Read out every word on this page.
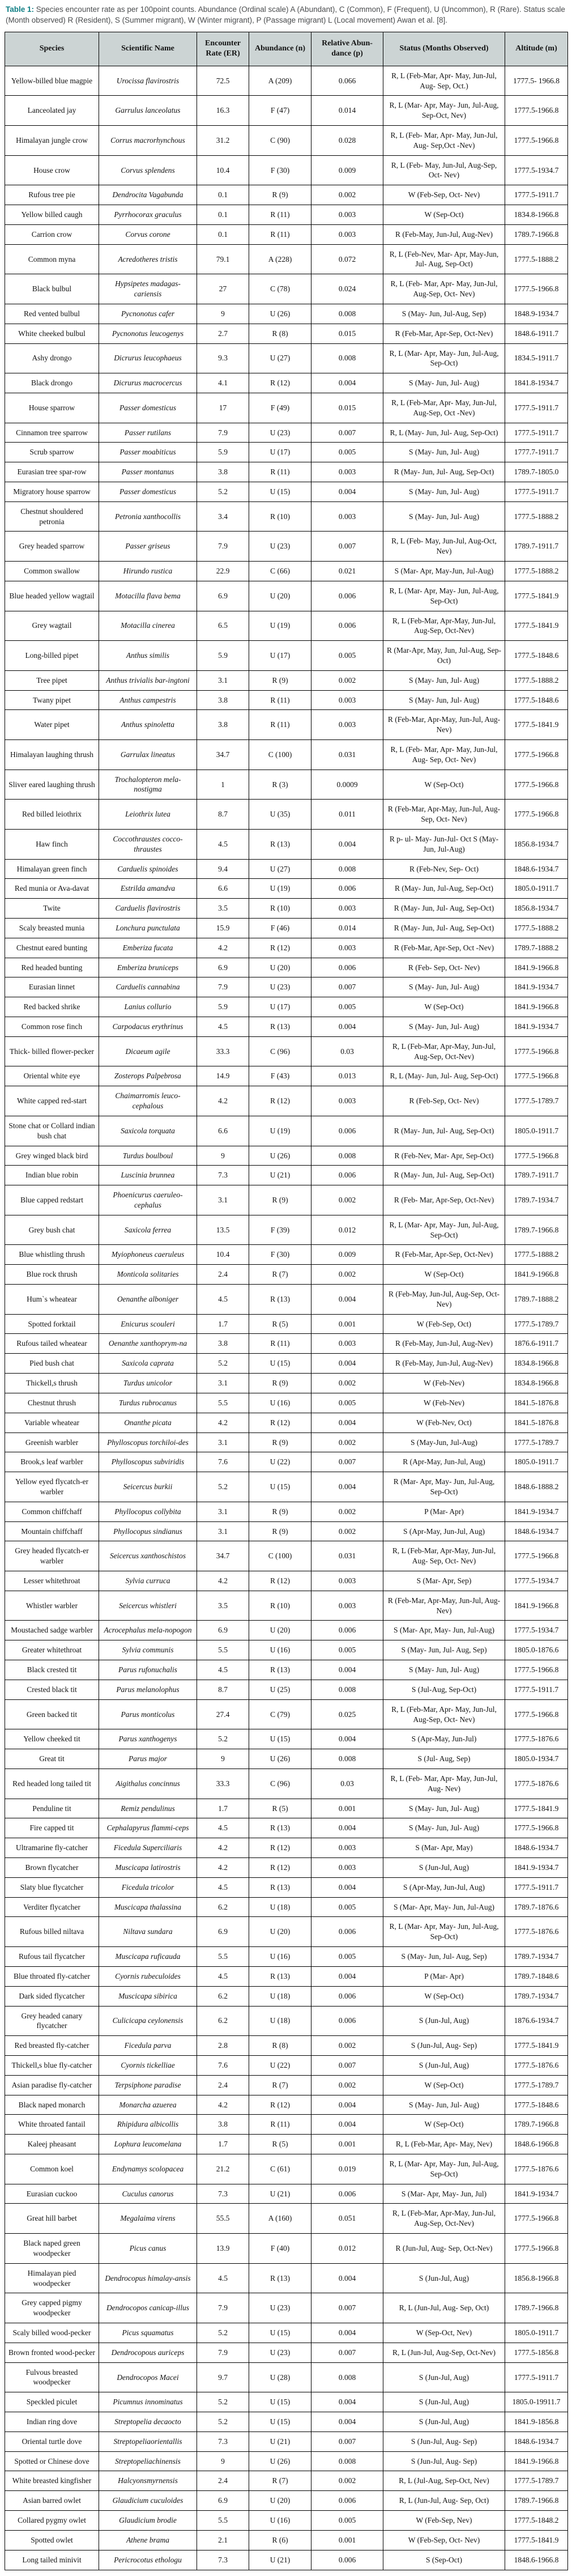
Table 1: Species encounter rate as per 100point counts. Abundance (Ordinal scale) A (Abundant), C (Common), F (Frequent), U (Uncommon), R (Rare). Status scale (Month observed) R (Resident), S (Summer migrant), W (Winter migrant), P (Passage migrant) L (Local movement) Awan et al. [8].

Species	Scientific Name	Encounter Rate (ER)	Abundance (n)	Relative Abun-dance (p)	Status (Months Observed)	Altitude (m)
Yellow-billed blue magpie	Urocissa flavirostris	72.5	A (209)	0.066	R, L (Feb-Mar, Apr- May, Jun-Jul, Aug- Sep, Oct.)	1777.5- 1966.8
Lanceolated jay	Garrulus lanceolatus	16.3	F (47)	0.014	R, L (Mar- Apr, May- Jun, Jul-Aug, Sep-Oct, Nev)	1777.5-1966.8
Himalayan jungle crow	Corrus macrorhynchous	31.2	C (90)	0.028	R, L (Feb- Mar, Apr- May, Jun-Jul, Aug- Sep,Oct -Nev)	1777.5-1966.8
House crow	Corvus splendens	10.4	F (30)	0.009	R, L (Feb- May, Jun-Jul, Aug-Sep, Oct- Nev)	1777.5-1934.7
Rufous tree pie	Dendrocita Vagabunda	0.1	R (9)	0.002	W (Feb-Sep, Oct- Nev)	1777.5-1911.7
Yellow billed caugh	Pyrrhocorax graculus	0.1	R (11)	0.003	W (Sep-Oct)	1834.8-1966.8
Carrion crow	Corvus corone	0.1	R (11)	0.003	R (Feb-May, Jun-Jul, Aug-Nev)	1789.7-1966.8
Common myna	Acredotheres tristis	79.1	A (228)	0.072	R, L (Feb-Nev, Mar- Apr, May-Jun, Jul- Aug, Sep-Oct)	1777.5-1888.2
Black bulbul	Hypsipetes madagas-cariensis	27	C (78)	0.024	R, L (Feb- Mar, Apr- May, Jun-Jul, Aug-Sep, Oct- Nev)	1777.5-1966.8
Red vented bulbul	Pycnonotus cafer	9	U (26)	0.008	S (May- Jun, Jul-Aug, Sep)	1848.9-1934.7
White cheeked bulbul	Pycnonotus leucogenys	2.7	R (8)	0.015	R (Feb-Mar, Apr-Sep, Oct-Nev)	1848.6-1911.7
Ashy drongo	Dicrurus leucophaeus	9.3	U (27)	0.008	R, L (Mar- Apr, May- Jun, Jul-Aug, Sep-Oct)	1834.5-1911.7
Black drongo	Dicrurus macrocercus	4.1	R (12)	0.004	S (May- Jun, Jul- Aug)	1841.8-1934.7
House sparrow	Passer domesticus	17	F (49)	0.015	R, L (Feb-Mar, Apr- May, Jun-Jul, Aug-Sep, Oct -Nev)	1777.5-1911.7
Cinnamon tree sparrow	Passer rutilans	7.9	U (23)	0.007	R, L (May- Jun, Jul- Aug, Sep-Oct)	1777.5-1911.7
Scrub sparrow	Passer moabiticus	5.9	U (17)	0.005	S (May- Jun, Jul- Aug)	1777.7-1911.7
Eurasian tree spar-row	Passer montanus	3.8	R (11)	0.003	R (May- Jun, Jul- Aug, Sep-Oct)	1789.7-1805.0
Migratory house sparrow	Passer domesticus	5.2	U (15)	0.004	S (May- Jun, Jul- Aug)	1777.5-1911.7
Chestnut shouldered petronia	Petronia xanthocollis	3.4	R (10)	0.003	S (May- Jun, Jul- Aug)	1777.5-1888.2
Grey headed sparrow	Passer griseus	7.9	U (23)	0.007	R, L (Feb- May, Jun-Jul, Aug-Oct, Nev)	1789.7-1911.7
Common swallow	Hirundo rustica	22.9	C (66)	0.021	S (Mar- Apr, May-Jun, Jul-Aug)	1777.5-1888.2
Blue headed yellow wagtail	Motacilla flava bema	6.9	U (20)	0.006	R, L (Mar- Apr, May- Jun, Jul-Aug, Sep-Oct)	1777.5-1841.9
Grey wagtail	Motacilla cinerea	6.5	U (19)	0.006	R, L (Feb-Mar, Apr-May, Jun-Jul, Aug-Sep, Oct-Nev)	1777.5-1841.9
Long-billed pipet	Anthus similis	5.9	U (17)	0.005	R (Mar-Apr, May, Jun, Jul-Aug, Sep-Oct)	1777.5-1848.6
Tree pipet	Anthus trivialis bar-ingtoni	3.1	R (9)	0.002	S (May- Jun, Jul- Aug)	1777.5-1888.2
Twany pipet	Anthus campestris	3.8	R (11)	0.003	S (May- Jun, Jul- Aug)	1777.5-1848.6
Water pipet	Anthus spinoletta	3.8	R (11)	0.003	R (Feb-Mar, Apr-May, Jun-Jul, Aug- Nev)	1777.5-1841.9
Himalayan laughing thrush	Garrulax lineatus	34.7	C (100)	0.031	R, L (Feb- Mar, Apr- May, Jun-Jul, Aug- Sep, Oct- Nev)	1777.5-1966.8
Sliver eared laughing thrush	Trochalopteron mela-nostigma	1	R (3)	0.0009	W (Sep-Oct)	1777.5-1966.8
Red billed leiothrix	Leiothrix lutea	8.7	U (35)	0.011	R (Feb-Mar, Apr-May, Jun-Jul, Aug-Sep, Oct- Nev)	1777.5-1966.8
Haw finch	Coccothraustes cocco-thraustes	4.5	R (13)	0.004	R p- ul- May- Jun-Jul- Oct S (May- Jun, Jul-Aug)	1856.8-1934.7
Himalayan green finch	Carduelis spinoides	9.4	U (27)	0.008	R (Feb-Nev, Sep- Oct)	1848.6-1934.7
Red munia or Ava-davat	Estrilda amandva	6.6	U (19)	0.006	R (May- Jun, Jul-Aug, Sep-Oct)	1805.0-1911.7
Twite	Carduelis flavirostris	3.5	R (10)	0.003	R (May- Jun, Jul- Aug, Sep-Oct)	1856.8-1934.7
Scaly breasted munia	Lonchura punctulata	15.9	F (46)	0.014	R (May- Jun, Jul- Aug, Sep-Oct)	1777.5-1888.2
Chestnut eared bunting	Emberiza fucata	4.2	R (12)	0.003	R (Feb-Mar, Apr-Sep, Oct -Nev)	1789.7-1888.2
Red headed bunting	Emberiza bruniceps	6.9	U (20)	0.006	R (Feb- Sep, Oct- Nev)	1841.9-1966.8
Eurasian linnet	Carduelis cannabina	7.9	U (23)	0.007	S (May- Jun, Jul- Aug)	1841.9-1934.7
Red backed shrike	Lanius collurio	5.9	U (17)	0.005	W (Sep-Oct)	1841.9-1966.8
Common rose finch	Carpodacus erythrinus	4.5	R (13)	0.004	S (May- Jun, Jul- Aug)	1841.9-1934.7
Thick- billed flower-pecker	Dicaeum agile	33.3	C (96)	0.03	R, L (Feb-Mar, Apr-May, Jun-Jul, Aug-Sep, Oct-Nev)	1777.5-1966.8
Oriental white eye	Zosterops Palpebrosa	14.9	F (43)	0.013	R, L (May- Jun, Jul- Aug, Sep-Oct)	1777.5-1966.8
White capped red-start	Chaimarromis leuco-cephalous	4.2	R (12)	0.003	R (Feb-Sep, Oct- Nev)	1777.5-1789.7
Stone chat or Collard indian bush chat	Saxicola torquata	6.6	U (19)	0.006	R (May- Jun, Jul- Aug, Sep-Oct)	1805.0-1911.7
Grey winged black bird	Turdus boulboul	9	U (26)	0.008	R (Feb-Nev, Mar- Apr, Sep-Oct)	1777.5-1966.8
Indian blue robin	Luscinia brunnea	7.3	U (21)	0.006	R (May- Jun, Jul- Aug, Sep-Oct)	1789.7-1911.7
Blue capped redstart	Phoenicurus caeruleo-cephalus	3.1	R (9)	0.002	R (Feb- Mar, Apr-Sep, Oct-Nev)	1789.7-1934.7
Grey bush chat	Saxicola ferrea	13.5	F (39)	0.012	R, L (Mar- Apr, May- Jun, Jul-Aug, Sep-Oct)	1789.7-1966.8
Blue whistling thrush	Myiophoneus caeruleus	10.4	F (30)	0.009	R (Feb-Mar, Apr-Sep, Oct-Nev)	1777.5-1888.2
Blue rock thrush	Monticola solitaries	2.4	R (7)	0.002	W (Sep-Oct)	1841.9-1966.8
Hum`s wheatear	Oenanthe alboniger	4.5	R (13)	0.004	R (Feb-May, Jun-Jul, Aug-Sep, Oct- Nev)	1789.7-1888.2
Spotted forktail	Enicurus scouleri	1.7	R (5)	0.001	W (Feb-Sep, Oct)	1777.5-1789.7
Rufous tailed wheatear	Oenanthe xanthoprym-na	3.8	R (11)	0.003	R (Feb-May, Jun-Jul, Aug-Nev)	1876.6-1911.7
Pied bush chat	Saxicola caprata	5.2	U (15)	0.004	R (Feb-May, Jun-Jul, Aug-Nev)	1834.8-1966.8
Thickell,s thrush	Turdus unicolor	3.1	R (9)	0.002	W (Feb-Nev)	1834.8-1966.8
Chestnut thrush	Turdus rubrocanus	5.5	U (16)	0.005	W (Feb-Nev)	1841.5-1876.8
Variable wheatear	Onanthe picata	4.2	R (12)	0.004	W (Feb-Nev, Oct)	1841.5-1876.8
Greenish warbler	Phylloscopus torchiloi-des	3.1	R (9)	0.002	S (May-Jun, Jul-Aug)	1777.5-1789.7
Brook,s leaf warbler	Phylloscopus subviridis	7.6	U (22)	0.007	R (Apr-May, Jun-Jul, Aug)	1805.0-1911.7
Yellow eyed flycatch-er warbler	Seicercus burkii	5.2	U (15)	0.004	R (Mar- Apr, May- Jun, Jul-Aug, Sep-Oct)	1848.6-1888.2
Common chiffchaff	Phyllocopus collybita	3.1	R (9)	0.002	P (Mar- Apr)	1841.9-1934.7
Mountain chiffchaff	Phyllocopus sindianus	3.1	R (9)	0.002	S (Apr-May, Jun-Jul, Aug)	1848.6-1934.7
Grey headed flycatch-er warbler	Seicercus xanthoschistos	34.7	C (100)	0.031	R, L (Feb-Mar, Apr-May, Jun-Jul, Aug- Sep, Oct- Nev)	1777.5-1966.8
Lesser whitethroat	Sylvia curruca	4.2	R (12)	0.003	S (Mar- Apr, Sep)	1777.5-1934.7
Whistler warbler	Seicercus whistleri	3.5	R (10)	0.003	R (Feb-Mar, Apr-May, Jun-Jul, Aug- Nev)	1841.9-1966.8
Moustached sadge warbler	Acrocephalus mela-nopogon	6.9	U (20)	0.006	S (Mar- Apr, May- Jun, Jul-Aug)	1777.5-1934.7
Greater whitethroat	Sylvia communis	5.5	U (16)	0.005	S (May- Jun, Jul- Aug, Sep)	1805.0-1876.6
Black crested tit	Parus rufonuchalis	4.5	R (13)	0.004	S (May- Jun, Jul- Aug)	1777.5-1966.8
Crested black tit	Parus melanolophus	8.7	U (25)	0.008	S (Jul-Aug, Sep-Oct)	1777.5-1911.7
Green backed tit	Parus monticolus	27.4	C (79)	0.025	R, L (Feb-Mar, Apr- May, Jun-Jul, Aug-Sep, Oct- Nev)	1777.5-1966.8
Yellow cheeked tit	Parus xanthogenys	5.2	U (15)	0.004	S (Apr-May, Jun-Jul)	1777.5-1876.6
Great tit	Parus major	9	U (26)	0.008	S (Jul- Aug, Sep)	1805.0-1934.7
Red headed long tailed tit	Aigithalus concinnus	33.3	C (96)	0.03	R, L (Feb- Mar, Apr- May, Jun-Jul, Aug- Nev)	1777.5-1876.6
Penduline tit	Remiz pendulinus	1.7	R (5)	0.001	S (May- Jun, Jul- Aug)	1777.5-1841.9
Fire capped tit	Cephalapyrus flammi-ceps	4.5	R (13)	0.004	S (May- Jun, Jul- Aug)	1777.5-1966.8
Ultramarine fly-catcher	Ficedula Superciliaris	4.2	R (12)	0.003	S (Mar- Apr, May)	1848.6-1934.7
Brown flycatcher	Muscicapa latirostris	4.2	R (12)	0.003	S (Jun-Jul, Aug)	1841.9-1934.7
Slaty blue flycatcher	Ficedula tricolor	4.5	R (13)	0.004	S (Apr-May, Jun-Jul, Aug)	1777.5-1911.7
Verditer flycatcher	Muscicapa thalassina	6.2	U (18)	0.005	S (Mar- Apr, May- Jun, Jul-Aug)	1789.7-1876.6
Rufous billed niltava	Niltava sundara	6.9	U (20)	0.006	R, L (Mar- Apr, May- Jun, Jul-Aug, Sep-Oct)	1777.5-1876.6
Rufous tail flycatcher	Muscicapa ruficauda	5.5	U (16)	0.005	S (May- Jun, Jul- Aug, Sep)	1789.7-1934.7
Blue throated fly-catcher	Cyornis rubeculoides	4.5	R (13)	0.004	P (Mar- Apr)	1789.7-1848.6
Dark sided flycatcher	Muscicapa sibirica	6.2	U (18)	0.006	W (Sep-Oct)	1789.7-1934.7
Grey headed canary flycatcher	Culicicapa ceylonensis	6.2	U (18)	0.006	S (Jun-Jul, Aug)	1876.6-1934.7
Red breasted fly-catcher	Ficedula parva	2.8	R (8)	0.002	S (Jun-Jul, Aug- Sep)	1777.5-1841.9
Thickell,s blue fly-catcher	Cyornis tickelliae	7.6	U (22)	0.007	S (Jun-Jul, Aug)	1777.5-1876.6
Asian paradise fly-catcher	Terpsiphone paradise	2.4	R (7)	0.002	W (Sep-Oct)	1777.5-1789.7
Black naped monarch	Monarcha azuerea	4.2	R (12)	0.004	S (May- Jun, Jul- Aug)	1777.5-1848.6
White throated fantail	Rhipidura albicollis	3.8	R (11)	0.004	W (Sep-Oct)	1789.7-1966.8
Kaleej pheasant	Lophura leucomelana	1.7	R (5)	0.001	R, L (Feb-Mar, Apr- May, Nev)	1848.6-1966.8
Common koel	Endynamys scolopacea	21.2	C (61)	0.019	R, L (Mar- Apr, May- Jun, Jul-Aug, Sep-Oct)	1777.5-1876.6
Eurasian cuckoo	Cuculus canorus	7.3	U (21)	0.006	S (Mar- Apr, May- Jun, Jul)	1841.9-1934.7
Great hill barbet	Megalaima virens	55.5	A (160)	0.051	R, L (Feb-Mar, Apr-May, Jun-Jul, Aug-Sep, Oct-Nev)	1777.5-1966.8
Black naped green woodpecker	Picus canus	13.9	F (40)	0.012	R (Jun-Jul, Aug- Sep, Oct-Nev)	1777.5-1966.8
Himalayan pied woodpecker	Dendrocopus himalay-ansis	4.5	R (13)	0.004	S (Jun-Jul, Aug)	1856.8-1966.8
Grey capped pigmy woodpecker	Dendrocopos canicap-illus	7.9	U (23)	0.007	R, L (Jun-Jul, Aug- Sep, Oct)	1789.7-1966.8
Scaly billed wood-pecker	Picus squamatus	5.2	U (15)	0.004	W (Sep-Oct, Nev)	1805.0-1911.7
Brown fronted wood-pecker	Dendrocopous auriceps	7.9	U (23)	0.007	R, L (Jun-Jul, Aug-Sep, Oct-Nev)	1777.5-1856.8
Fulvous breasted woodpecker	Dendrocopos Macei	9.7	U (28)	0.008	S (Jun-Jul, Aug)	1777.5-1911.7
Speckled piculet	Picumnus innominatus	5.2	U (15)	0.004	S (Jun-Jul, Aug)	1805.0-19911.7
Indian ring dove	Streptopelia decaocto	5.2	U (15)	0.004	S (Jun-Jul, Aug)	1841.9-1856.8
Oriental turtle dove	Streptopeliaorientallis	7.3	U (21)	0.007	S (Jun-Jul, Aug- Sep)	1848.6-1934.7
Spotted or Chinese dove	Streptopeliachinensis	9	U (26)	0.008	S (Jun-Jul, Aug- Sep)	1841.9-1966.8
White breasted kingfisher	Halcyonsmyrnensis	2.4	R (7)	0.002	R, L (Jul-Aug, Sep-Oct, Nev)	1777.5-1789.7
Asian barred owlet	Glaudicium cuculoides	6.9	U (20)	0.006	R, L (Jun-Jul, Aug- Sep, Oct)	1789.7-1966.8
Collared pygmy owlet	Glaudicium brodie	5.5	U (16)	0.005	W (Feb-Sep, Nev)	1777.5-1848.2
Spotted owlet	Athene brama	2.1	R (6)	0.001	W (Feb-Sep, Oct- Nev)	1777.5-1841.9
Long tailed minivit	Pericrocotus ethologu	7.3	U (21)	0.006	S (Sep-Oct)	1848.6-1966.8
